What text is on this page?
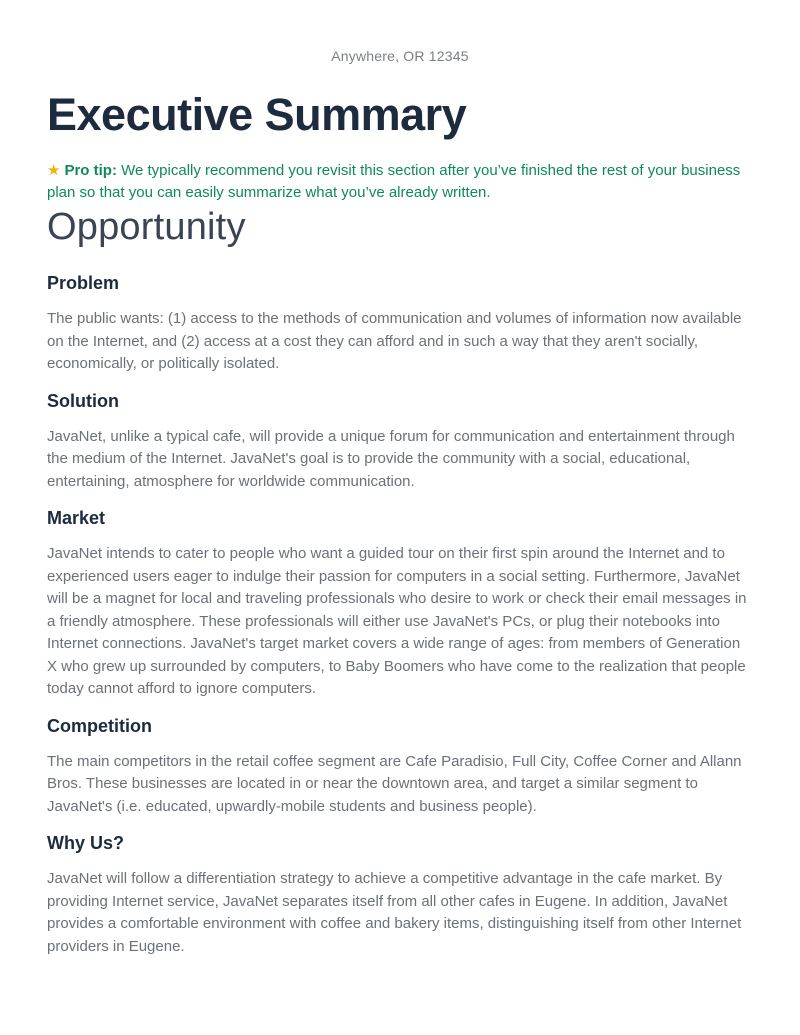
Anywhere, OR 12345
Executive Summary

★ Pro tip: We typically recommend you revisit this section after you’ve finished the rest of your business plan so that you can easily summarize what you’ve already written.

Opportunity
Problem

The public wants: (1) access to the methods of communication and volumes of information now available on the Internet, and (2) access at a cost they can afford and in such a way that they aren't socially, economically, or politically isolated.

Solution

JavaNet, unlike a typical cafe, will provide a unique forum for communication and entertainment through the medium of the Internet. JavaNet's goal is to provide the community with a social, educational, entertaining, atmosphere for worldwide communication.

Market

JavaNet intends to cater to people who want a guided tour on their first spin around the Internet and to experienced users eager to indulge their passion for computers in a social setting. Furthermore, JavaNet will be a magnet for local and traveling professionals who desire to work or check their email messages in a friendly atmosphere. These professionals will either use JavaNet's PCs, or plug their notebooks into Internet connections. JavaNet's target market covers a wide range of ages: from members of Generation X who grew up surrounded by computers, to Baby Boomers who have come to the realization that people today cannot afford to ignore computers.

Competition

The main competitors in the retail coffee segment are Cafe Paradisio, Full City, Coffee Corner and Allann Bros. These businesses are located in or near the downtown area, and target a similar segment to JavaNet's (i.e. educated, upwardly-mobile students and business people).

Why Us?

JavaNet will follow a differentiation strategy to achieve a competitive advantage in the cafe market. By providing Internet service, JavaNet separates itself from all other cafes in Eugene. In addition, JavaNet provides a comfortable environment with coffee and bakery items, distinguishing itself from other Internet providers in Eugene.
